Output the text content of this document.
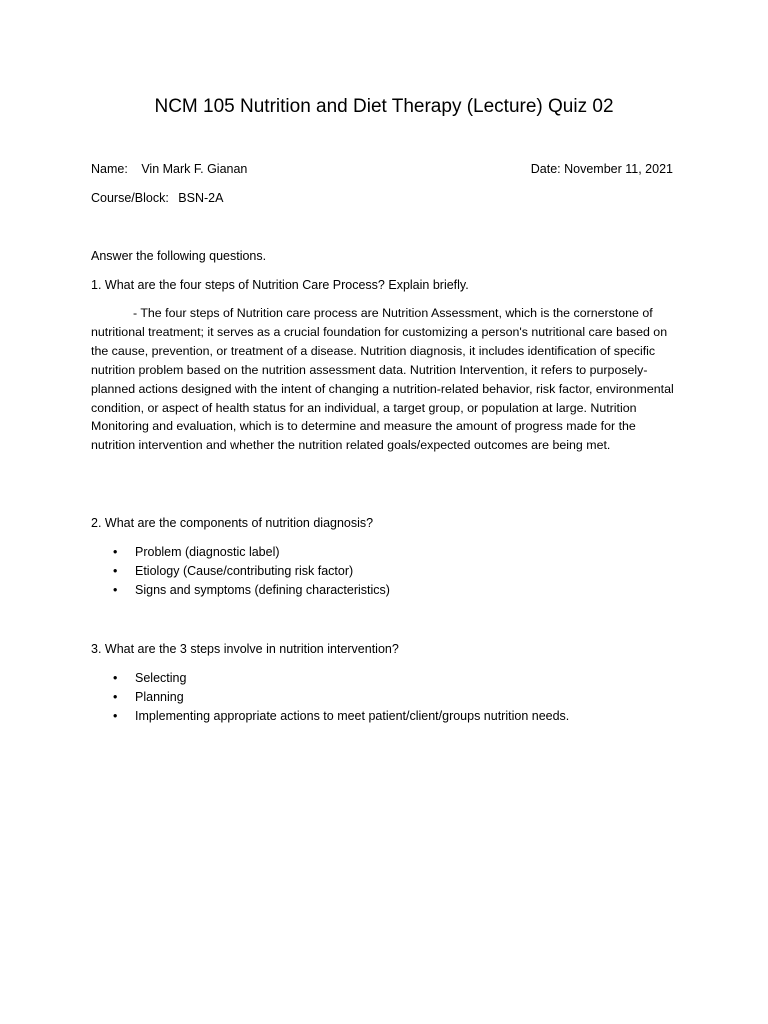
NCM 105 Nutrition and Diet Therapy (Lecture) Quiz 02
Name: Vin Mark F. Gianan	Date: November 11, 2021
Course/Block: BSN-2A
Answer the following questions.
1. What are the four steps of Nutrition Care Process? Explain briefly.
- The four steps of Nutrition care process are Nutrition Assessment, which is the cornerstone of nutritional treatment; it serves as a crucial foundation for customizing a person's nutritional care based on the cause, prevention, or treatment of a disease. Nutrition diagnosis, it includes identification of specific nutrition problem based on the nutrition assessment data. Nutrition Intervention, it refers to purposely-planned actions designed with the intent of changing a nutrition-related behavior, risk factor, environmental condition, or aspect of health status for an individual, a target group, or population at large. Nutrition Monitoring and evaluation, which is to determine and measure the amount of progress made for the nutrition intervention and whether the nutrition related goals/expected outcomes are being met.
2. What are the components of nutrition diagnosis?
• Problem (diagnostic label)
• Etiology (Cause/contributing risk factor)
• Signs and symptoms (defining characteristics)
3. What are the 3 steps involve in nutrition intervention?
• Selecting
• Planning
• Implementing appropriate actions to meet patient/client/groups nutrition needs.
